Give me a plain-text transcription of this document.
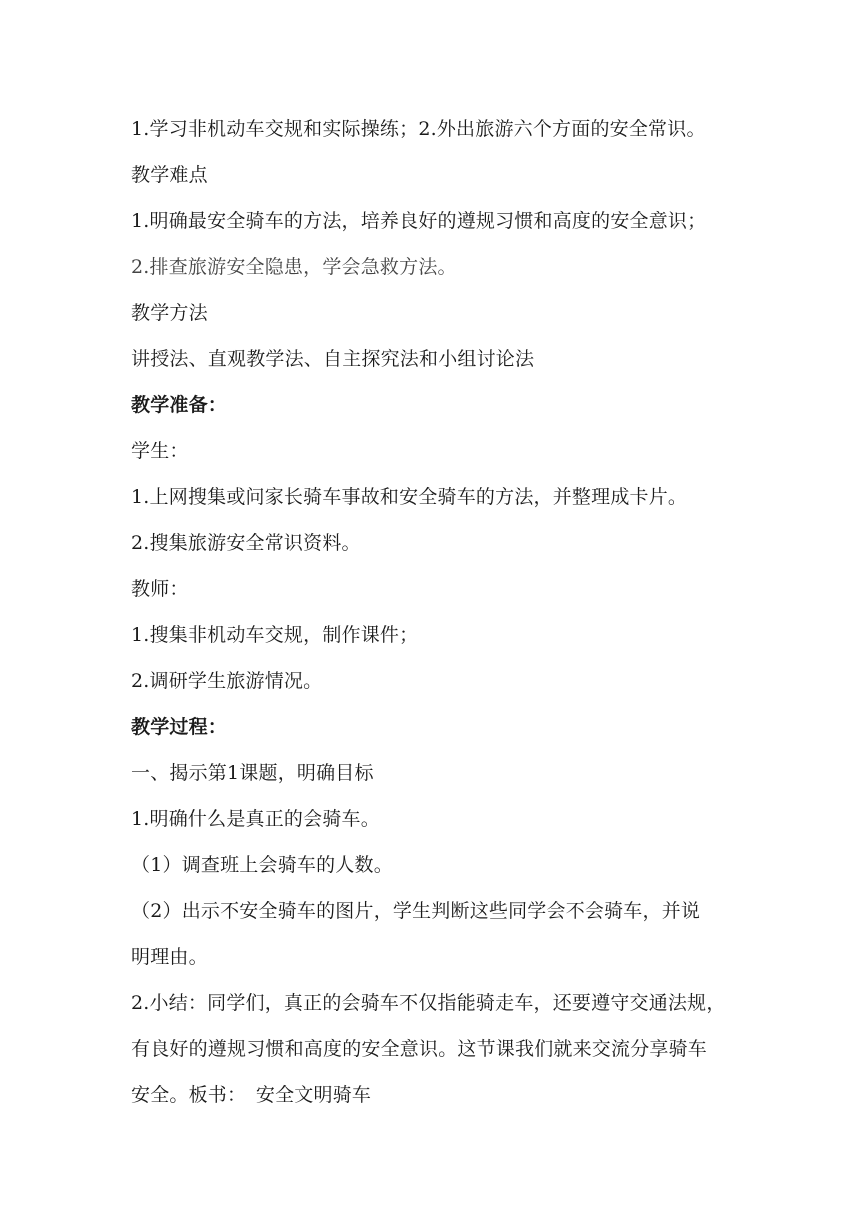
1.学习非机动车交规和实际操练；2.外出旅游六个方面的安全常识。
教学难点
1.明确最安全骑车的方法，培养良好的遵规习惯和高度的安全意识；
2.排查旅游安全隐患，学会急救方法。
教学方法
讲授法、直观教学法、自主探究法和小组讨论法
教学准备：
学生：
1.上网搜集或问家长骑车事故和安全骑车的方法，并整理成卡片。
2.搜集旅游安全常识资料。
教师：
1.搜集非机动车交规，制作课件；
2.调研学生旅游情况。
教学过程：
一、揭示第1课题，明确目标
1.明确什么是真正的会骑车。
（1）调查班上会骑车的人数。
（2）出示不安全骑车的图片，学生判断这些同学会不会骑车，并说
明理由。
2.小结：同学们，真正的会骑车不仅指能骑走车，还要遵守交通法规，
有良好的遵规习惯和高度的安全意识。这节课我们就来交流分享骑车
安全。板书：　安全文明骑车
